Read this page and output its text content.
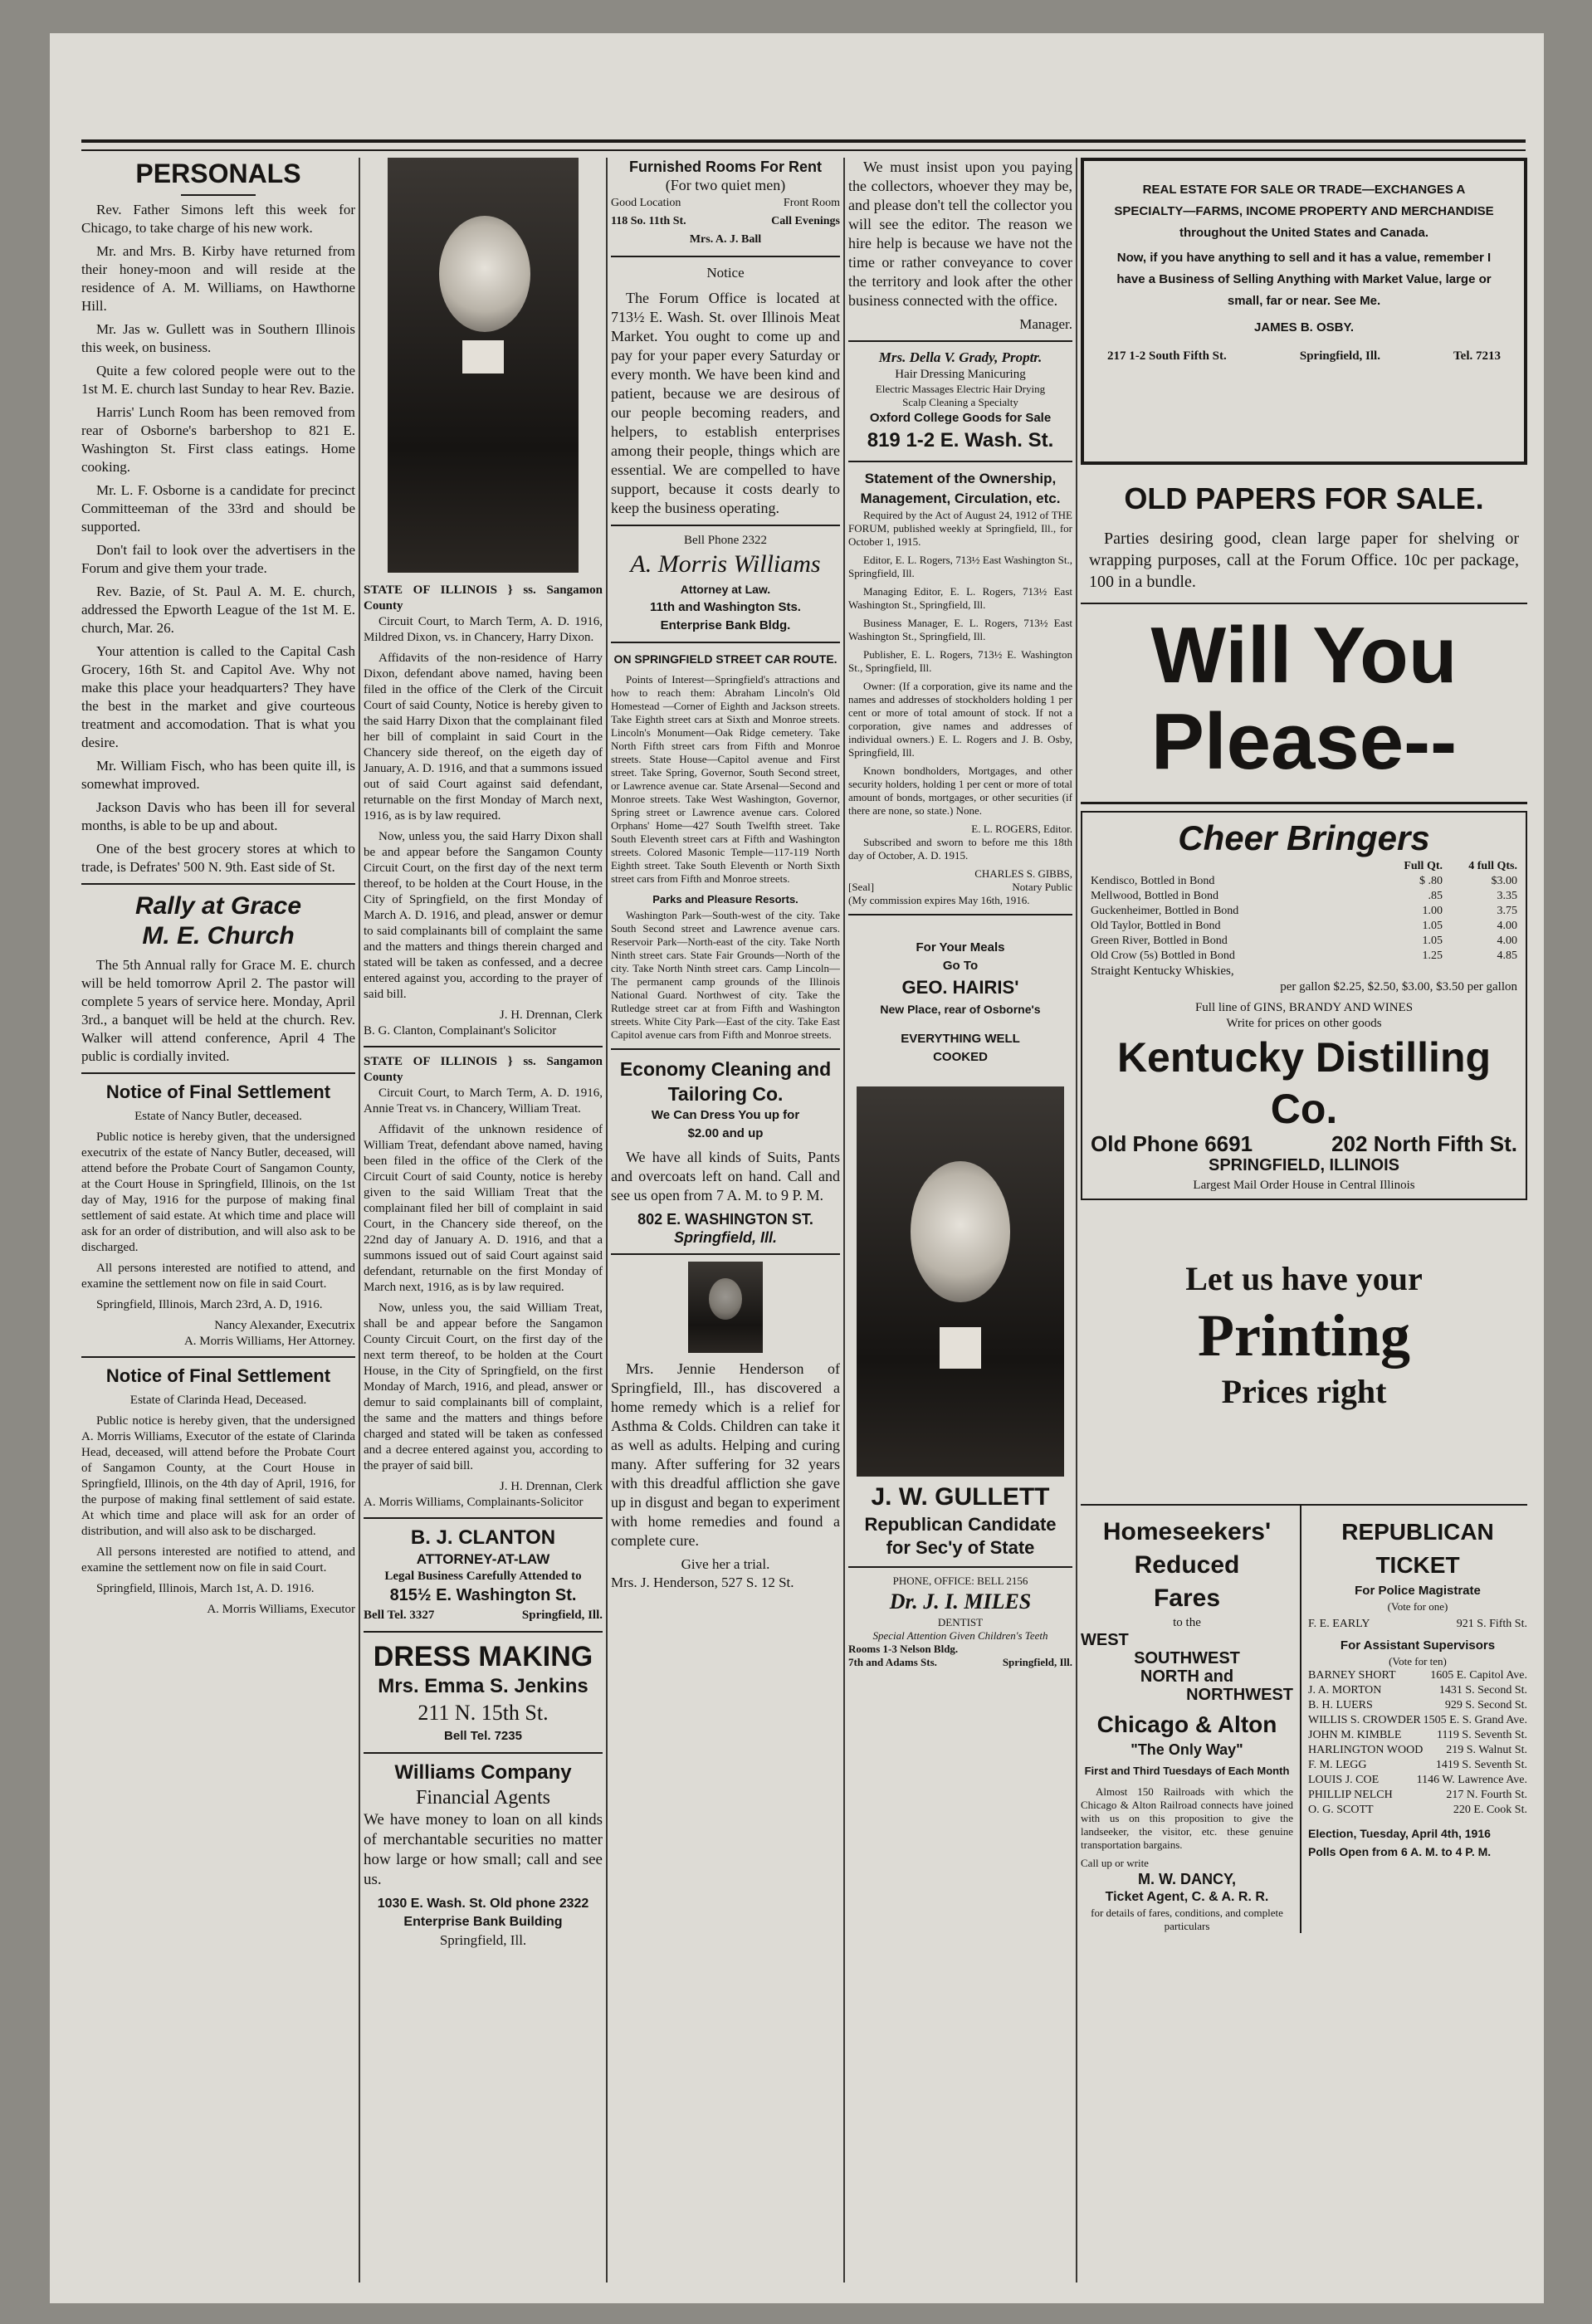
PERSONALS

Rev. Father Simons left this week for Chicago, to take charge of his new work.

Mr. and Mrs. B. Kirby have returned from their honey-moon and will reside at the residence of A. M. Williams, on Hawthorne Hill.

Mr. Jas w. Gullett was in Southern Illinois this week, on business.

Quite a few colored people were out to the 1st M. E. church last Sunday to hear Rev. Bazie.

Harris' Lunch Room has been removed from rear of Osborne's barbershop to 821 E. Washington St. First class eatings. Home cooking.

Mr. L. F. Osborne is a candidate for precinct Committeeman of the 33rd and should be supported.

Don't fail to look over the advertisers in the Forum and give them your trade.

Rev. Bazie, of St. Paul A. M. E. church, addressed the Epworth League of the 1st M. E. church, Mar. 26.

Your attention is called to the Capital Cash Grocery, 16th St. and Capitol Ave. Why not make this place your headquarters? They have the best in the market and give courteous treatment and accomodation. That is what you desire.

Mr. William Fisch, who has been quite ill, is somewhat improved.

Jackson Davis who has been ill for several months, is able to be up and about.

One of the best grocery stores at which to trade, is Defrates' 500 N. 9th. East side of St.

Rally at Grace
M. E. Church

The 5th Annual rally for Grace M. E. church will be held tomorrow April 2. The pastor will complete 5 years of service here. Monday, April 3rd., a banquet will be held at the church. Rev. Walker will attend conference, April 4 The public is cordially invited.

Notice of Final Settlement

Estate of Nancy Butler, deceased.

Public notice is hereby given, that the undersigned executrix of the estate of Nancy Butler, deceased, will attend before the Probate Court of Sangamon County, at the Court House in Springfield, Illinois, on the 1st day of May, 1916 for the purpose of making final settlement of said estate. At which time and place will ask for an order of distribution, and will also ask to be discharged.

All persons interested are notified to attend, and examine the settlement now on file in said Court.

Springfield, Illinois, March 23rd, A. D, 1916.

Nancy Alexander, Executrix
A. Morris Williams, Her Attorney.
Notice of Final Settlement

Estate of Clarinda Head, Deceased.

Public notice is hereby given, that the undersigned A. Morris Williams, Executor of the estate of Clarinda Head, deceased, will attend before the Probate Court of Sangamon County, at the Court House in Springfield, Illinois, on the 4th day of April, 1916, for the purpose of making final settlement of said estate. At which time and place will ask for an order of distribution, and will also ask to be discharged.

All persons interested are notified to attend, and examine the settlement now on file in said Court.

Springfield, Illinois, March 1st, A. D. 1916.

A. Morris Williams, Executor
STATE OF ILLINOIS } ss. Sangamon County

Circuit Court, to March Term, A. D. 1916, Mildred Dixon, vs. in Chancery, Harry Dixon.

Affidavits of the non-residence of Harry Dixon, defendant above named, having been filed in the office of the Clerk of the Circuit Court of said County, Notice is hereby given to the said Harry Dixon that the complainant filed her bill of complaint in said Court in the Chancery side thereof, on the eigeth day of January, A. D. 1916, and that a summons issued out of said Court against said defendant, returnable on the first Monday of March next, 1916, as is by law required.

Now, unless you, the said Harry Dixon shall be and appear before the Sangamon County Circuit Court, on the first day of the next term thereof, to be holden at the Court House, in the City of Springfield, on the first Monday of March A. D. 1916, and plead, answer or demur to said complainants bill of complaint the same and the matters and things therein charged and stated will be taken as confessed, and a decree entered against you, according to the prayer of said bill.

J. H. Drennan, Clerk
B. G. Clanton, Complainant's Solicitor
STATE OF ILLINOIS } ss. Sangamon County

Circuit Court, to March Term, A. D. 1916, Annie Treat vs. in Chancery, William Treat.

Affidavit of the unknown residence of William Treat, defendant above named, having been filed in the office of the Clerk of the Circuit Court of said County, notice is hereby given to the said William Treat that the complainant filed her bill of complaint in said Court, in the Chancery side thereof, on the 22nd day of January A. D. 1916, and that a summons issued out of said Court against said defendant, returnable on the first Monday of March next, 1916, as is by law required.

Now, unless you, the said William Treat, shall be and appear before the Sangamon County Circuit Court, on the first day of the next term thereof, to be holden at the Court House, in the City of Springfield, on the first Monday of March, 1916, and plead, answer or demur to said complainants bill of complaint, the same and the matters and things before charged and stated will be taken as confessed and a decree entered against you, according to the prayer of said bill.

J. H. Drennan, Clerk
A. Morris Williams, Complainants-Solicitor
B. J. CLANTON
ATTORNEY-AT-LAW
Legal Business Carefully Attended to
815½ E. Washington St.
Bell Tel. 3327	Springfield, Ill.
DRESS MAKING
Mrs. Emma S. Jenkins
211 N. 15th St.
Bell Tel. 7235
Williams Company
Financial Agents

We have money to loan on all kinds of merchantable securities no matter how large or how small; call and see us.

1030 E. Wash. St. Old phone 2322
Enterprise Bank Building
Springfield, Ill.
Furnished Rooms For Rent
(For two quiet men)
Good Location	Front Room
118 So. 11th St.	Call Evenings
Mrs. A. J. Ball
Notice

The Forum Office is located at 713½ E. Wash. St. over Illinois Meat Market. You ought to come up and pay for your paper every Saturday or every month. We have been kind and patient, because we are desirous of our people becoming readers, and helpers, to establish enterprises among their people, things which are essential. We are compelled to have support, because it costs dearly to keep the business operating.

Bell Phone 2322
A. Morris Williams
Attorney at Law.
11th and Washington Sts.
Enterprise Bank Bldg.
ON SPRINGFIELD STREET CAR ROUTE.

Points of Interest—Springfield's attractions and how to reach them: Abraham Lincoln's Old Homestead —Corner of Eighth and Jackson streets. Take Eighth street cars at Sixth and Monroe streets. Lincoln's Monument—Oak Ridge cemetery. Take North Fifth street cars from Fifth and Monroe streets. State House—Capitol avenue and First street. Take Spring, Governor, South Second street, or Lawrence avenue car. State Arsenal—Second and Monroe streets. Take West Washington, Governor, Spring street or Lawrence avenue cars. Colored Orphans' Home—427 South Twelfth street. Take South Eleventh street cars at Fifth and Washington streets. Colored Masonic Temple—117-119 North Eighth street. Take South Eleventh or North Sixth street cars from Fifth and Monroe streets.

Parks and Pleasure Resorts.

Washington Park—South-west of the city. Take South Second street and Lawrence avenue cars. Reservoir Park—North-east of the city. Take North Ninth street cars. State Fair Grounds—North of the city. Take North Ninth street cars. Camp Lincoln—The permanent camp grounds of the Illinois National Guard. Northwest of city. Take the Rutledge street car at from Fifth and Washington streets. White City Park—East of the city. Take East Capitol avenue cars from Fifth and Monroe streets.

Economy Cleaning and
Tailoring Co.
We Can Dress You up for
$2.00 and up

We have all kinds of Suits, Pants and overcoats left on hand. Call and see us open from 7 A. M. to 9 P. M.

802 E. WASHINGTON ST.
Springfield, Ill.

Mrs. Jennie Henderson of Springfield, Ill., has discovered a home remedy which is a relief for Asthma & Colds. Children can take it as well as adults. Helping and curing many. After suffering for 32 years with this dreadful affliction she gave up in disgust and began to experiment with home remedies and found a complete cure.

Give her a trial.
Mrs. J. Henderson, 527 S. 12 St.

We must insist upon you paying the collectors, whoever they may be, and please don't tell the collector you will see the editor. The reason we hire help is because we have not the time or rather conveyance to cover the territory and look after the other business connected with the office.

Manager.
Mrs. Della V. Grady, Proptr.
Hair Dressing Manicuring
Electric Massages Electric Hair Drying
Scalp Cleaning a Specialty
Oxford College Goods for Sale
819 1-2 E. Wash. St.
Statement of the Ownership, Management, Circulation, etc.

Required by the Act of August 24, 1912 of THE FORUM, published weekly at Springfield, Ill., for October 1, 1915.

Editor, E. L. Rogers, 713½ East Washington St., Springfield, Ill.

Managing Editor, E. L. Rogers, 713½ East Washington St., Springfield, Ill.

Business Manager, E. L. Rogers, 713½ East Washington St., Springfield, Ill.

Publisher, E. L. Rogers, 713½ E. Washington St., Springfield, Ill.

Owner: (If a corporation, give its name and the names and addresses of stockholders holding 1 per cent or more of total amount of stock. If not a corporation, give names and addresses of individual owners.) E. L. Rogers and J. B. Osby, Springfield, Ill.

Known bondholders, Mortgages, and other security holders, holding 1 per cent or more of total amount of bonds, mortgages, or other securities (if there are none, so state.) None.

E. L. ROGERS, Editor.

Subscribed and sworn to before me this 18th day of October, A. D. 1915.

CHARLES S. GIBBS,
[Seal]	Notary Public
(My commission expires May 16th, 1916.
For Your Meals
Go To
GEO. HAIRIS'
New Place, rear of Osborne's
EVERYTHING WELL
COOKED
J. W. GULLETT
Republican Candidate
for Sec'y of State
PHONE, OFFICE: BELL 2156
Dr. J. I. MILES
DENTIST
Special Attention Given Children's Teeth
Rooms 1-3 Nelson Bldg.
7th and Adams Sts.	Springfield, Ill.
REAL ESTATE FOR SALE OR TRADE—EXCHANGES A SPECIALTY—FARMS, INCOME PROPERTY AND MERCHANDISE throughout the United States and Canada.
Now, if you have anything to sell and it has a value, remember I have a Business of Selling Anything with Market Value, large or small, far or near. See Me.
JAMES B. OSBY.
217 1-2 South Fifth St.	Springfield, Ill.	Tel. 7213
OLD PAPERS FOR SALE.

Parties desiring good, clean large paper for shelving or wrapping purposes, call at the Forum Office. 10c per package, 100 in a bundle.

Will You
Please--
Cheer Bringers
Full Qt.	4 full Qts.
Kendisco, Bottled in Bond	$ .80	$3.00
Mellwood, Bottled in Bond	.85	3.35
Guckenheimer, Bottled in Bond	1.00	3.75
Old Taylor, Bottled in Bond	1.05	4.00
Green River, Bottled in Bond	1.05	4.00
Old Crow (5s) Bottled in Bond	1.25	4.85
Straight Kentucky Whiskies,
per gallon $2.25, $2.50, $3.00, $3.50 per gallon
Full line of GINS, BRANDY AND WINES
Write for prices on other goods
Kentucky Distilling Co.
Old Phone 6691	202 North Fifth St.
SPRINGFIELD, ILLINOIS
Largest Mail Order House in Central Illinois
Let us have your
Printing
Prices right
Homeseekers'
Reduced
Fares
to the
WEST
SOUTHWEST
NORTH and
NORTHWEST
Chicago & Alton
"The Only Way"
First and Third Tuesdays of Each Month

Almost 150 Railroads with which the Chicago & Alton Railroad connects have joined with us on this proposition to give the landseeker, the visitor, etc. these genuine transportation bargains.

Call up or write
M. W. DANCY,
Ticket Agent, C. & A. R. R.
for details of fares, conditions, and complete particulars
REPUBLICAN TICKET
For Police Magistrate
(Vote for one)
F. E. EARLY	921 S. Fifth St.
For Assistant Supervisors
(Vote for ten)
BARNEY SHORT	1605 E. Capitol Ave.
J. A. MORTON	1431 S. Second St.
B. H. LUERS	929 S. Second St.
WILLIS S. CROWDER 1505 E. S. Grand Ave.
JOHN M. KIMBLE	1119 S. Seventh St.
HARLINGTON WOOD	219 S. Walnut St.
F. M. LEGG	1419 S. Seventh St.
LOUIS J. COE	1146 W. Lawrence Ave.
PHILLIP NELCH	217 N. Fourth St.
O. G. SCOTT	220 E. Cook St.
Election, Tuesday, April 4th, 1916
Polls Open from 6 A. M. to 4 P. M.
